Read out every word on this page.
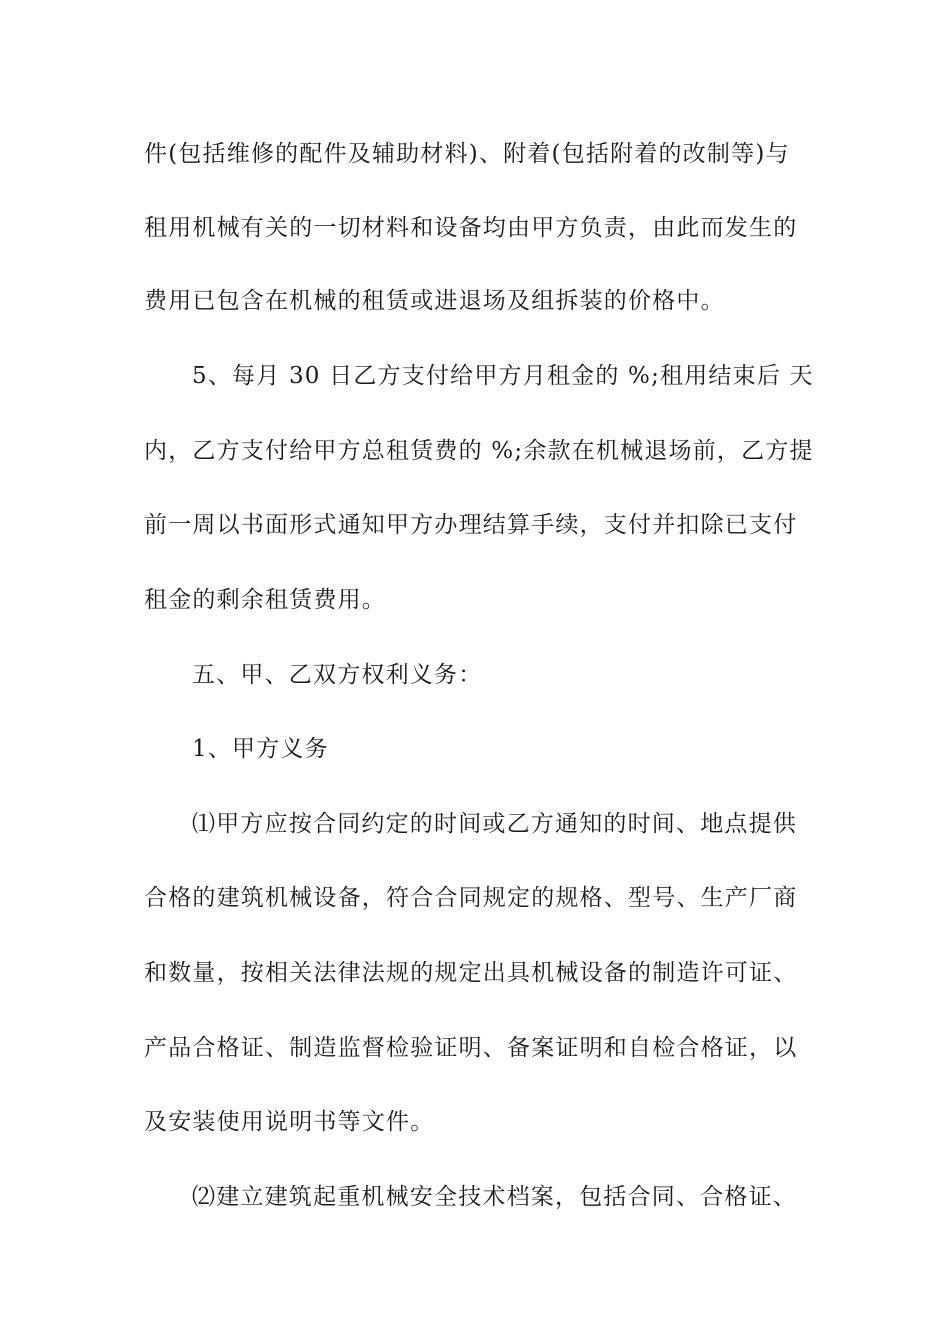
件(包括维修的配件及辅助材料)、附着(包括附着的改制等)与
租用机械有关的一切材料和设备均由甲方负责，由此而发生的
费用已包含在机械的租赁或进退场及组拆装的价格中。
5、每月 30 日乙方支付给甲方月租金的 %;租用结束后 天
内，乙方支付给甲方总租赁费的 %;余款在机械退场前，乙方提
前一周以书面形式通知甲方办理结算手续，支付并扣除已支付
租金的剩余租赁费用。
五、甲、乙双方权利义务：
1、甲方义务
⑴甲方应按合同约定的时间或乙方通知的时间、地点提供
合格的建筑机械设备，符合合同规定的规格、型号、生产厂商
和数量，按相关法律法规的规定出具机械设备的制造许可证、
产品合格证、制造监督检验证明、备案证明和自检合格证，以
及安装使用说明书等文件。
⑵建立建筑起重机械安全技术档案，包括合同、合格证、
